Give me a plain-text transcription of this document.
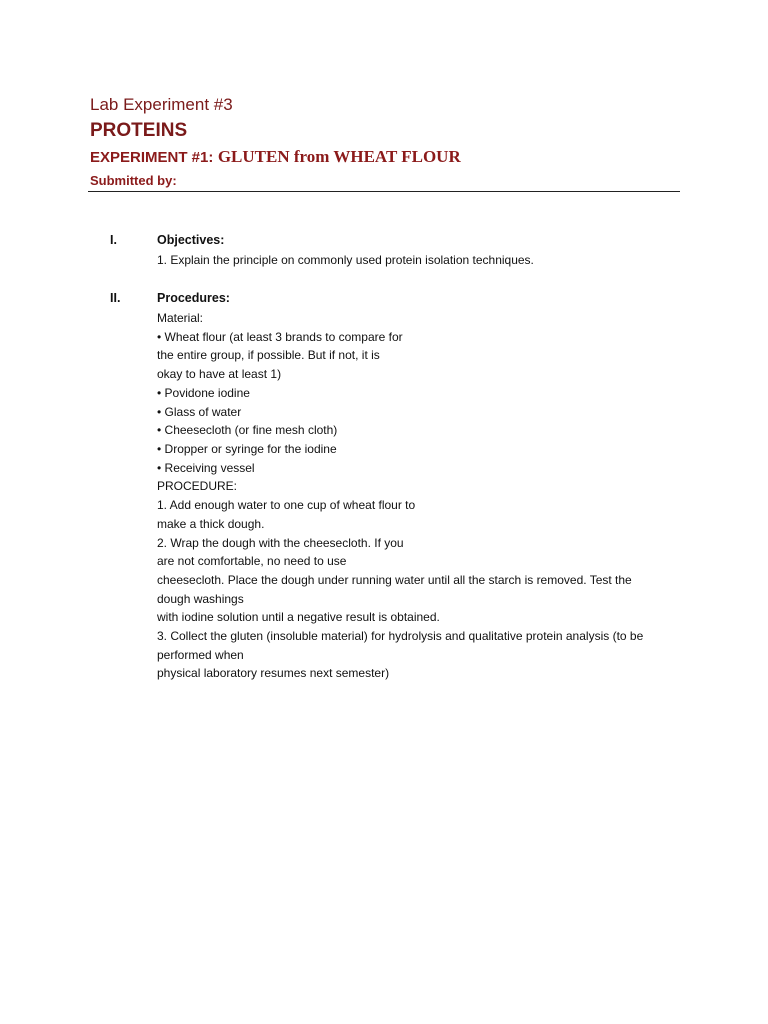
Lab Experiment #3
PROTEINS
EXPERIMENT #1: GLUTEN from WHEAT FLOUR
Submitted by:
I.	Objectives:
1. Explain the principle on commonly used protein isolation techniques.
II.	Procedures:
Material:
• Wheat flour (at least 3 brands to compare for
the entire group, if possible. But if not, it is
okay to have at least 1)
• Povidone iodine
• Glass of water
• Cheesecloth (or fine mesh cloth)
• Dropper or syringe for the iodine
• Receiving vessel
PROCEDURE:
1. Add enough water to one cup of wheat flour to
make a thick dough.
2. Wrap the dough with the cheesecloth. If you
are not comfortable, no need to use
cheesecloth. Place the dough under running water until all the starch is removed. Test the
dough washings
with iodine solution until a negative result is obtained.
3. Collect the gluten (insoluble material) for hydrolysis and qualitative protein analysis (to be
performed when
physical laboratory resumes next semester)
